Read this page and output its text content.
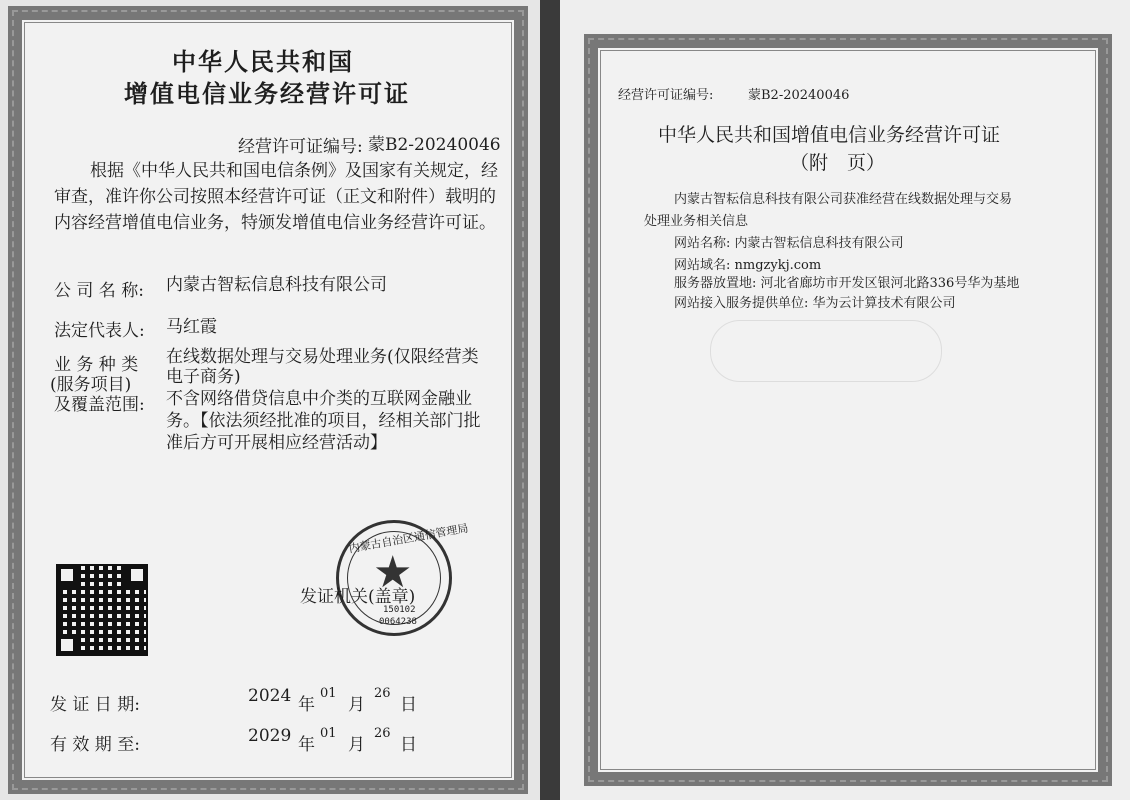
中华人民共和国
增值电信业务经营许可证
经营许可证编号: 蒙B2-20240046
根据《中华人民共和国电信条例》及国家有关规定，经
审查，准许你公司按照本经营许可证（正文和附件）载明的
内容经营增值电信业务，特颁发增值电信业务经营许可证。
公 司 名 称: 内蒙古智耘信息科技有限公司
法定代表人: 马红霞
业 务 种 类
(服务项目)
及覆盖范围:
在线数据处理与交易处理业务(仅限经营类
电子商务)
不含网络借贷信息中介类的互联网金融业
务。【依法须经批准的项目，经相关部门批
准后方可开展相应经营活动】
★
150102
0064238
内蒙古自治区通信管理局
发证机关(盖章)
发 证 日 期:	2024 年
01
月
26
日
有 效 期 至:	2029 年
01
月
26
日
经营许可证编号:	蒙B2-20240046
中华人民共和国增值电信业务经营许可证
（附　页）
内蒙古智耘信息科技有限公司获准经营在线数据处理与交易
处理业务相关信息
网站名称: 内蒙古智耘信息科技有限公司
网站域名: nmgzykj.com
服务器放置地: 河北省廊坊市开发区银河北路336号华为基地
网站接入服务提供单位: 华为云计算技术有限公司
